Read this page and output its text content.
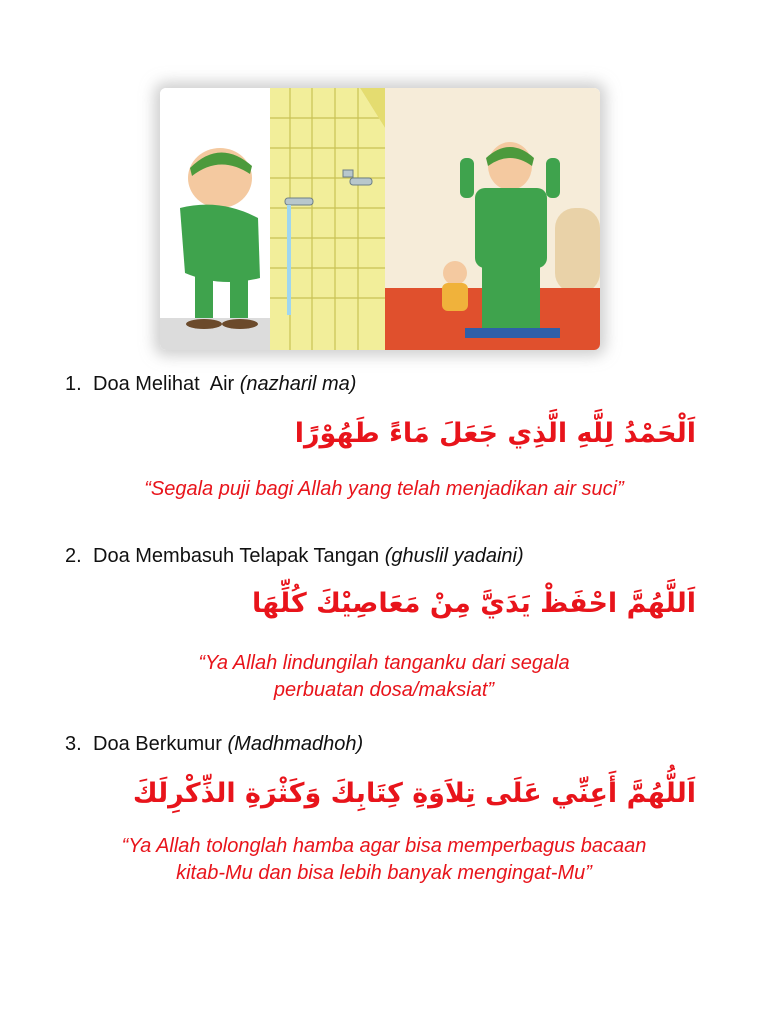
1. Doa Melihat  Air (nazharil ma)
اَلْحَمْدُ لِلَّهِ الَّذِي جَعَلَ مَاءً طَهُوْرًا
“Segala puji bagi Allah yang telah menjadikan air suci”
2. Doa Membasuh Telapak Tangan (ghuslil yadaini)
اَللَّهُمَّ احْفَظْ يَدَيَّ مِنْ مَعَاصِيْكَ كُلِّهَا
“Ya Allah lindungilah tanganku dari segala
perbuatan dosa/maksiat”
3. Doa Berkumur (Madhmadhoh)
اَللُّهُمَّ أَعِنِّي عَلَى تِلاَوَةِ كِتَابِكَ وَكَثْرَةِ الذِّكْرِلَكَ
“Ya Allah tolonglah hamba agar bisa memperbagus bacaan
kitab-Mu dan bisa lebih banyak mengingat-Mu”
